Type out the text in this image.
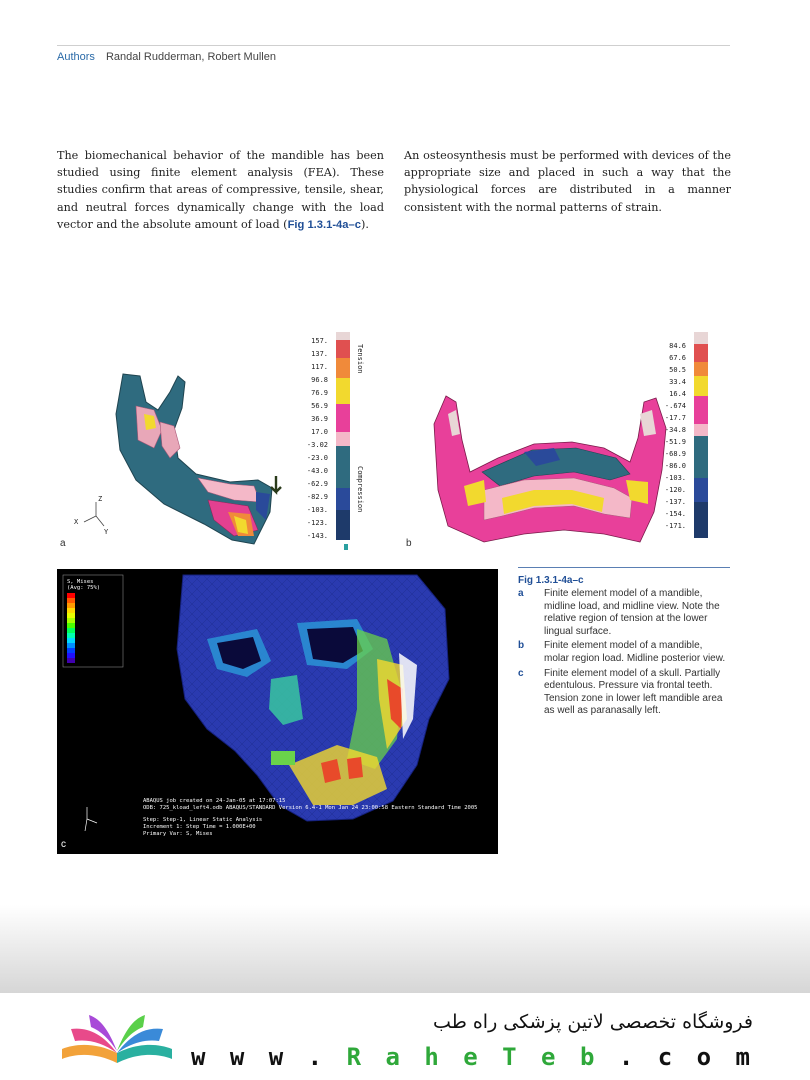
Authors Randal Rudderman, Robert Mullen
The biomechanical behavior of the mandible has been studied using finite element analysis (FEA). These studies confirm that areas of compressive, tensile, shear, and neutral forces dynamically change with the load vector and the absolute amount of load (Fig 1.3.1-4a–c).
An osteosynthesis must be performed with devices of the appropriate size and placed in such a way that the physiological forces are distributed in a manner consistent with the normal patterns of strain.
Z
X
Y
157.
137.
117.
96.8
76.9
56.9
36.9
17.0
-3.02
-23.0
-43.0
-62.9
-82.9
-103.
-123.
-143.
Tension
Compression
a
84.6
67.6
50.5
33.4
16.4
-.674
-17.7
-34.8
-51.9
-68.9
-86.0
-103.
-120.
-137.
-154.
-171.
b
S, Mises
(Avg: 75%)
ABAQUS job created on 24-Jan-05 at 17:07:15
ODB: 725_kload_left4.odb ABAQUS/STANDARD Version 6.4-1 Mon Jan 24 23:00:58 Eastern Standard Time 2005
Step: Step-1, Linear Static Analysis
Increment 1: Step Time = 1.000E+00
Primary Var: S, Mises
c
Fig 1.3.1-4a–c
a	Finite element model of a mandible, midline load, and midline view. Note the relative region of tension at the lower lingual surface.
b	Finite element model of a mandible, molar region load. Midline posterior view.
c	Finite element model of a skull. Partially edentulous. Pressure via frontal teeth. Tension zone in lower left mandible area as well as paranasally left.
فروشگاه تخصصی لاتین پزشکی راه طب
w w w . R a h e T e b . c o m
